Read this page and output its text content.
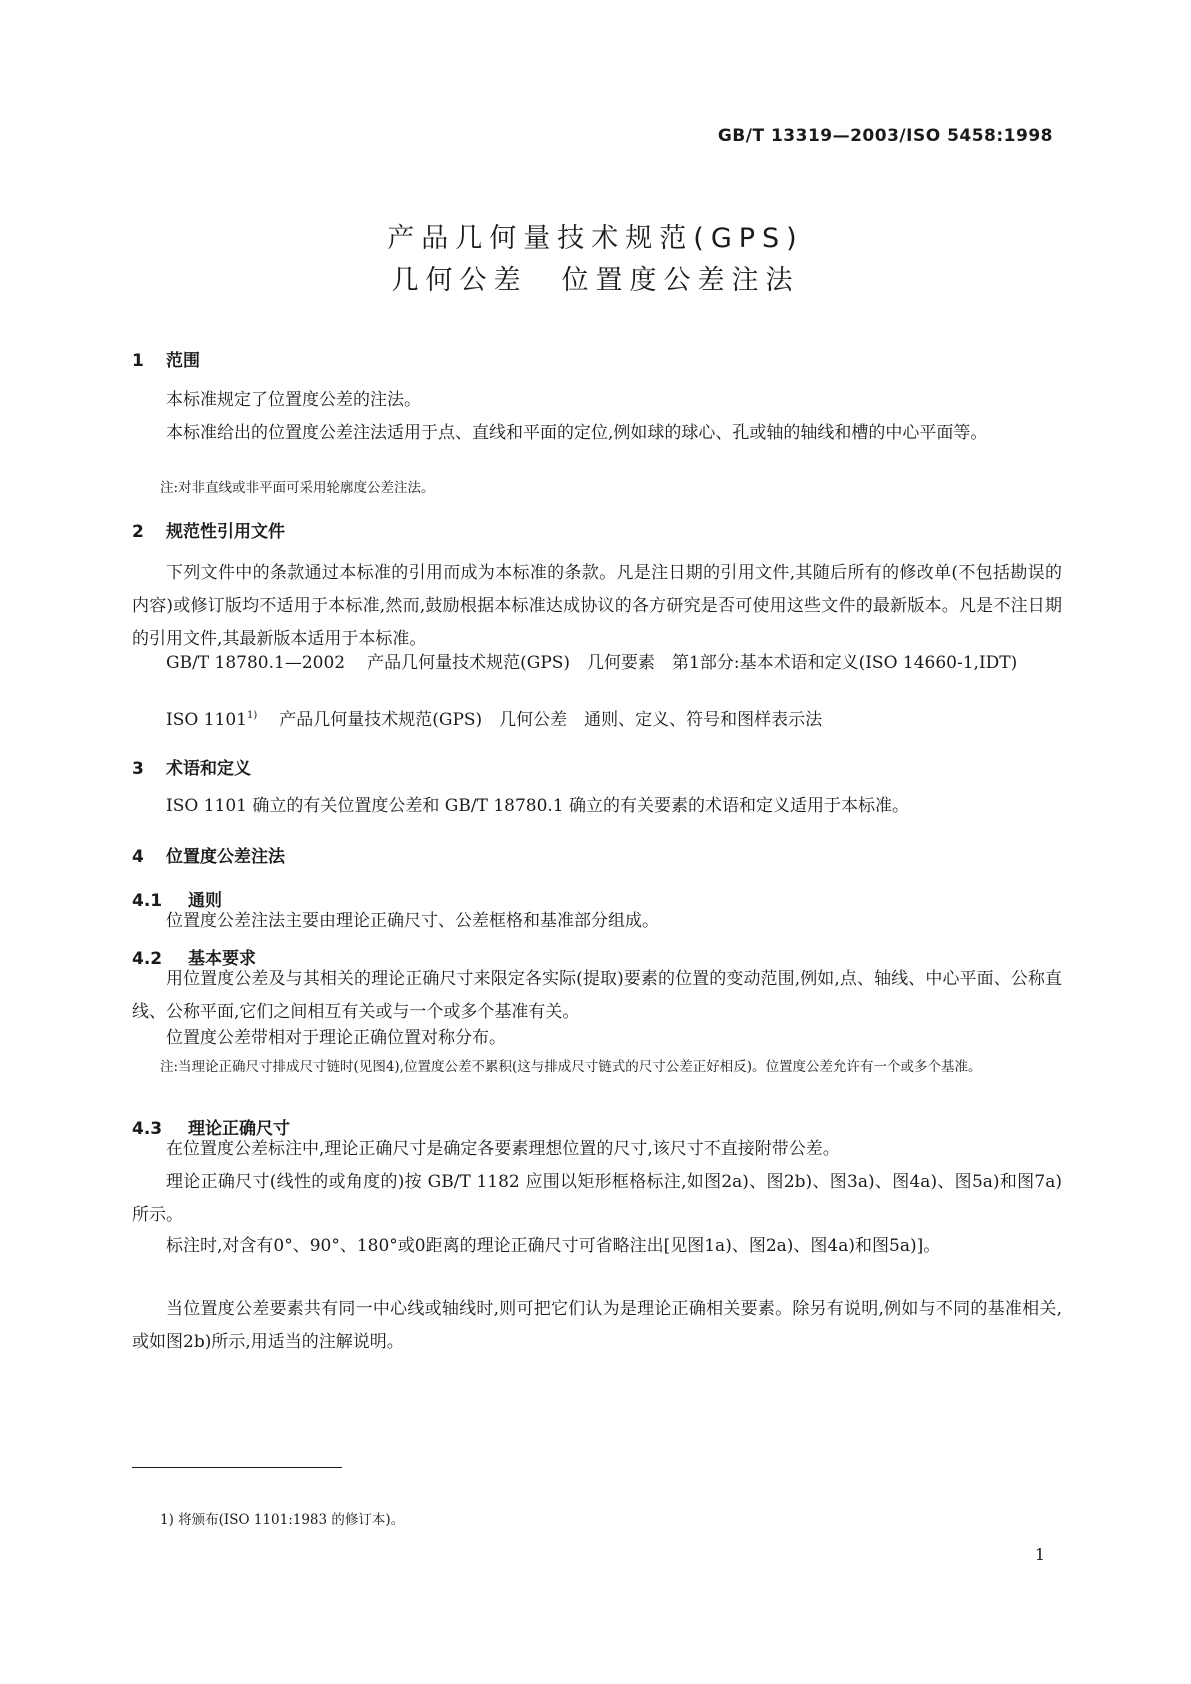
GB/T 13319—2003/ISO 5458:1998
产品几何量技术规范(GPS)
几何公差　位置度公差注法
1 范围
本标准规定了位置度公差的注法。
本标准给出的位置度公差注法适用于点、直线和平面的定位,例如球的球心、孔或轴的轴线和槽的中心平面等。
注:对非直线或非平面可采用轮廓度公差注法。
2 规范性引用文件
下列文件中的条款通过本标准的引用而成为本标准的条款。凡是注日期的引用文件,其随后所有的修改单(不包括勘误的内容)或修订版均不适用于本标准,然而,鼓励根据本标准达成协议的各方研究是否可使用这些文件的最新版本。凡是不注日期的引用文件,其最新版本适用于本标准。
GB/T 18780.1—2002 产品几何量技术规范(GPS)　几何要素　第1部分:基本术语和定义(ISO 14660-1,IDT)
ISO 1101$^{1)}$ 产品几何量技术规范(GPS)　几何公差　通则、定义、符号和图样表示法
3 术语和定义
ISO 1101 确立的有关位置度公差和 GB/T 18780.1 确立的有关要素的术语和定义适用于本标准。
4 位置度公差注法
4.1 通则
位置度公差注法主要由理论正确尺寸、公差框格和基准部分组成。
4.2 基本要求
用位置度公差及与其相关的理论正确尺寸来限定各实际(提取)要素的位置的变动范围,例如,点、轴线、中心平面、公称直线、公称平面,它们之间相互有关或与一个或多个基准有关。
位置度公差带相对于理论正确位置对称分布。
注:当理论正确尺寸排成尺寸链时(见图4),位置度公差不累积(这与排成尺寸链式的尺寸公差正好相反)。位置度公差允许有一个或多个基准。
4.3 理论正确尺寸
在位置度公差标注中,理论正确尺寸是确定各要素理想位置的尺寸,该尺寸不直接附带公差。
理论正确尺寸(线性的或角度的)按 GB/T 1182 应围以矩形框格标注,如图2a)、图2b)、图3a)、图4a)、图5a)和图7a)所示。
标注时,对含有0°、90°、180°或0距离的理论正确尺寸可省略注出[见图1a)、图2a)、图4a)和图5a)]。
当位置度公差要素共有同一中心线或轴线时,则可把它们认为是理论正确相关要素。除另有说明,例如与不同的基准相关,或如图2b)所示,用适当的注解说明。
1) 将颁布(ISO 1101:1983 的修订本)。
1
